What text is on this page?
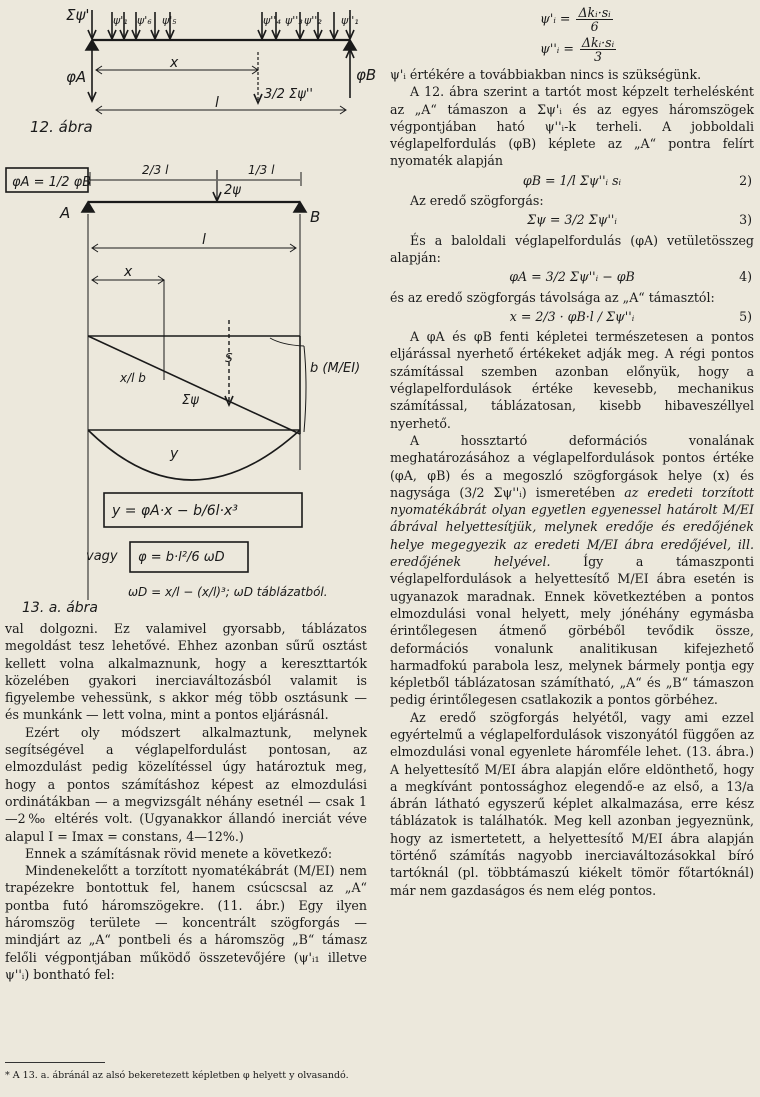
Σψ' ψ'₁ ψ'₆ ψ'₅	ψ''₄ ψ''₃ ψ''₂ ψ''₁
φA	φB
x
l
3/2 Σψ''
12. ábra
φA = 1/2 φB
2/3 l	1/3 l
2ψ
A	B
l
x
S
Σψ
x/l b
b (M/EI)
y
y = φA·x − b/6l·x³
vagy φ = b·l²/6 ωD
ωD = x/l − (x/l)³; ωD táblázatból.
13. a. ábra
ψ'ᵢ = $\frac{\text{Δkᵢ·sᵢ}}{6}$
ψ''ᵢ = $\frac{\text{Δkᵢ·sᵢ}}{3}$

ψ'ᵢ értékére a továbbiakban nincs is szükségünk.

A 12. ábra szerint a tartót most képzelt terhelésként az „A“ támaszon a Σψ'ᵢ és az egyes háromszögek végpontjában ható ψ''ᵢ-k terheli. A jobboldali véglapelfordulás (φB) képlete az „A“ pontra felírt nyomaték alapján

φB = 1/l Σψ''ᵢ sᵢ	2)

Az eredő szögforgás:

Σψ = 3/2 Σψ''ᵢ	3)

És a baloldali véglapelfordulás (φA) vetületösszeg alapján:

φA = 3/2 Σψ''ᵢ − φB	4)

és az eredő szögforgás távolsága az „A“ támasztól:

x = 2/3 · φB·l / Σψ''ᵢ	5)

A φA és φB fenti képletei természetesen a pontos eljárással nyerhető értékeket adják meg. A régi pontos számítással szemben azonban előnyük, hogy a véglapelfordulások értéke kevesebb, mechanikus számítással, táblázatosan, kisebb hibaveszéllyel nyerhető.

A hossztartó deformációs vonalának meghatározásához a véglapelfordulások pontos értéke (φA, φB) és a megoszló szögforgások helye (x) és nagysága (3/2 Σψ''ᵢ) ismeretében az eredeti torzított nyomatékábrát olyan egyetlen egyenessel határolt M/EI ábrával helyettesítjük, melynek eredője és eredőjének helye megegyezik az eredeti M/EI ábra eredőjével, ill. eredőjének helyével. Így a támaszponti véglapelfordulások a helyettesítő M/EI ábra esetén is ugyanazok maradnak. Ennek következtében a pontos elmozdulási vonal helyett, mely jónéhány egymásba érintőlegesen átmenő görbéből tevődik össze, deformációs vonalunk analitikusan kifejezhető harmadfokú parabola lesz, melynek bármely pontja egy képletből táblázatosan számítható, „A“ és „B“ támaszon pedig érintőlegesen csatlakozik a pontos görbéhez.

Az eredő szögforgás helyétől, vagy ami ezzel egyértelmű a véglapelfordulások viszonyától függően az elmozdulási vonal egyenlete háromféle lehet. (13. ábra.) A helyettesítő M/EI ábra alapján előre eldönthető, hogy a megkívánt pontossághoz elegendő-e az első, a 13/a ábrán látható egyszerű képlet alkalmazása, erre kész táblázatok is találhatók. Meg kell azonban jegyeznünk, hogy az ismertetett, a helyettesítő M/EI ábra alapján történő számítás nagyobb inerciaváltozásokkal bíró tartóknál (pl. többtámaszú kiékelt tömör főtartóknál) már nem gazdaságos és nem elég pontos.

val dolgozni. Ez valamivel gyorsabb, táblázatos megoldást tesz lehetővé. Ehhez azonban sűrű osztást kellett volna alkalmaznunk, hogy a kereszttartók közelében gyakori inerciaváltozásból valamit is figyelembe vehessünk, s akkor még több osztásunk — és munkánk — lett volna, mint a pontos eljárásnál.

Ezért oly módszert alkalmaztunk, melynek segítségével a véglapelfordulást pontosan, az elmozdulást pedig közelítéssel úgy határoztuk meg, hogy a pontos számításhoz képest az elmozdulási ordinátákban — a megvizsgált néhány esetnél — csak 1—2‰ eltérés volt. (Ugyanakkor állandó inerciát véve alapul I = Imax = constans, 4—12%.)

Ennek a számításnak rövid menete a következő:

Mindenekelőtt a torzított nyomatékábrát (M/EI) nem trapézekre bontottuk fel, hanem csúcscsal az „A“ pontba futó háromszögekre. (11. ábr.) Egy ilyen háromszög területe — koncentrált szögforgás — mindjárt az „A“ pontbeli és a háromszög „B“ támasz felőli végpontjában működő összetevőjére (ψ'ᵢ₁ illetve ψ''ᵢ) bontható fel:

* A 13. a. ábránál az alsó bekeretezett képletben φ helyett y olvasandó.
